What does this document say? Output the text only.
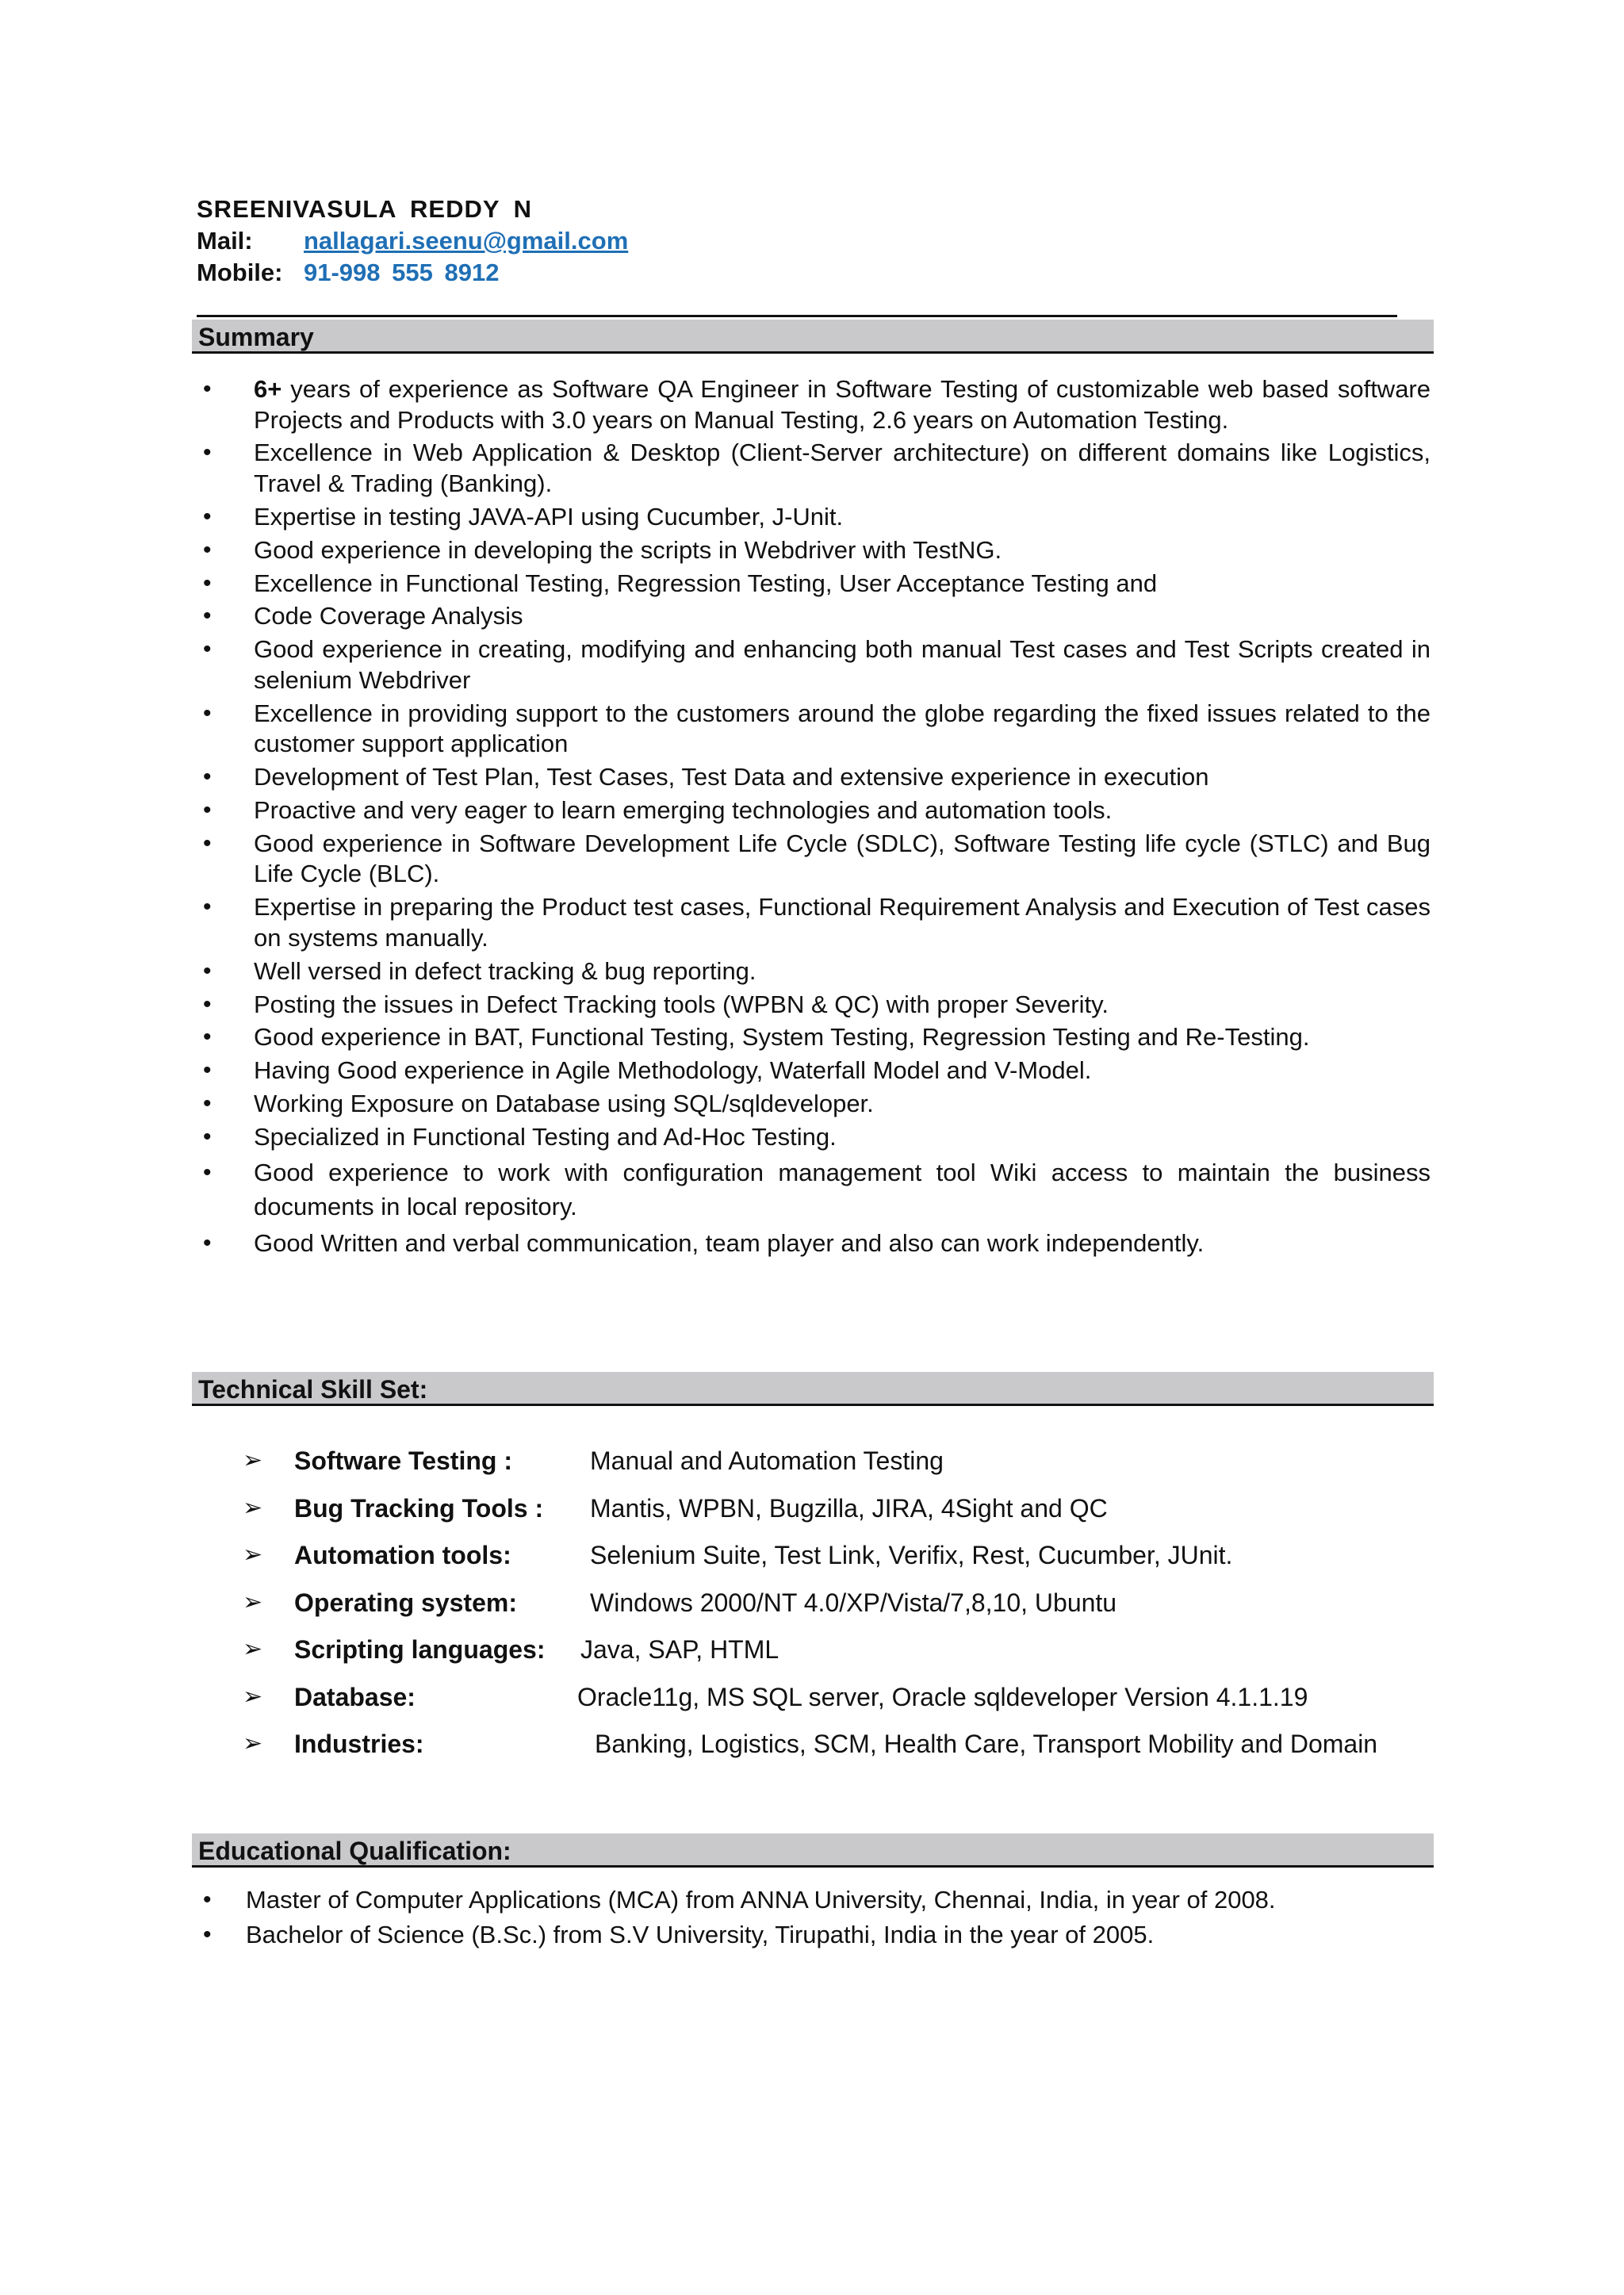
SREENIVASULA REDDY N
Mail: nallagari.seenu@gmail.com
Mobile: 91-998 555 8912
Summary
• 6+ years of experience as Software QA Engineer in Software Testing of customizable web based software Projects and Products with 3.0 years on Manual Testing, 2.6 years on Automation Testing.
• Excellence in Web Application & Desktop (Client-Server architecture) on different domains like Logistics, Travel & Trading (Banking).
• Expertise in testing JAVA-API using Cucumber, J-Unit.
• Good experience in developing the scripts in Webdriver with TestNG.
• Excellence in Functional Testing, Regression Testing, User Acceptance Testing and
• Code Coverage Analysis
• Good experience in creating, modifying and enhancing both manual Test cases and Test Scripts created in selenium Webdriver
• Excellence in providing support to the customers around the globe regarding the fixed issues related to the customer support application
• Development of Test Plan, Test Cases, Test Data and extensive experience in execution
• Proactive and very eager to learn emerging technologies and automation tools.
• Good experience in Software Development Life Cycle (SDLC), Software Testing life cycle (STLC) and Bug Life Cycle (BLC).
• Expertise in preparing the Product test cases, Functional Requirement Analysis and Execution of Test cases on systems manually.
• Well versed in defect tracking & bug reporting.
• Posting the issues in Defect Tracking tools (WPBN & QC) with proper Severity.
• Good experience in BAT, Functional Testing, System Testing, Regression Testing and Re-Testing.
• Having Good experience in Agile Methodology, Waterfall Model and V-Model.
• Working Exposure on Database using SQL/sqldeveloper.
• Specialized in Functional Testing and Ad-Hoc Testing.
• Good experience to work with configuration management tool Wiki access to maintain the business documents in local repository.
• Good Written and verbal communication, team player and also can work independently.
Technical Skill Set:
➢	Software Testing :	Manual and Automation Testing
➢	Bug Tracking Tools : Mantis, WPBN, Bugzilla, JIRA, 4Sight and QC
➢	Automation tools:	Selenium Suite, Test Link, Verifix, Rest, Cucumber, JUnit.
➢	Operating system:	Windows 2000/NT 4.0/XP/Vista/7,8,10, Ubuntu
➢	Scripting languages: Java, SAP, HTML
➢	Database:	Oracle11g, MS SQL server, Oracle sqldeveloper Version 4.1.1.19
➢	Industries:	Banking, Logistics, SCM, Health Care, Transport Mobility and Domain
Educational Qualification:
• Master of Computer Applications (MCA) from ANNA University, Chennai, India, in year of 2008.
• Bachelor of Science (B.Sc.) from S.V University, Tirupathi, India in the year of 2005.
